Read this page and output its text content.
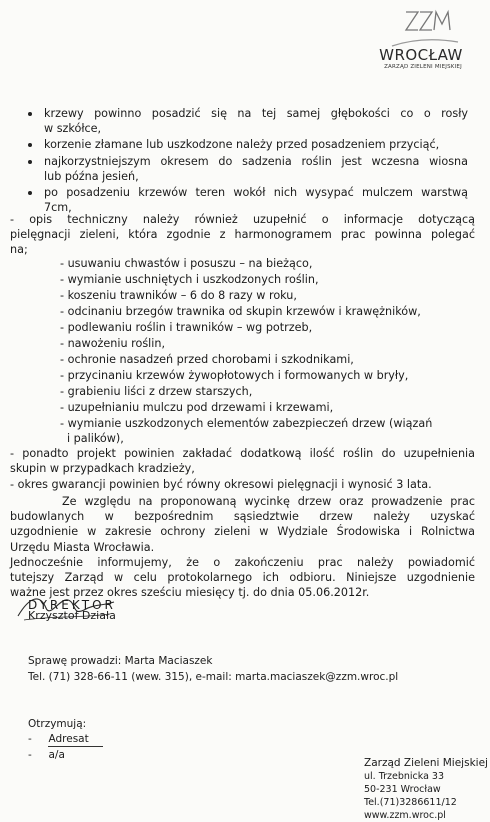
WROCŁAW
ZARZĄD ZIELENI MIEJSKIEJ
krzewy powinno posadzić się na tej samej głębokości co o rosły
w szkółce,
korzenie złamane lub uszkodzone należy przed posadzeniem przyciąć,
najkorzystniejszym okresem do sadzenia roślin jest wczesna wiosna
lub późna jesień,
po posadzeniu krzewów teren wokół nich wysypać mulczem warstwą
7cm,
- opis techniczny należy również uzupełnić o informacje dotyczącą
pielęgnacji zieleni, która zgodnie z harmonogramem prac powinna polegać
na;
- usuwaniu chwastów i posuszu – na bieżąco,
- wymianie uschniętych i uszkodzonych roślin,
- koszeniu trawników – 6 do 8 razy w roku,
- odcinaniu brzegów trawnika od skupin krzewów i krawężników,
- podlewaniu roślin i trawników – wg potrzeb,
- nawożeniu roślin,
- ochronie nasadzeń przed chorobami i szkodnikami,
- przycinaniu krzewów żywopłotowych i formowanych w bryły,
- grabieniu liści z drzew starszych,
- uzupełnianiu mulczu pod drzewami i krzewami,
- wymianie uszkodzonych elementów zabezpieczeń drzew (wiązań
i palików),
- ponadto projekt powinien zakładać dodatkową ilość roślin do uzupełnienia
skupin w przypadkach kradzieży,
- okres gwarancji powinien być równy okresowi pielęgnacji i wynosić 3 lata.
Ze względu na proponowaną wycinkę drzew oraz prowadzenie prac
budowlanych w bezpośrednim sąsiedztwie drzew należy uzyskać
uzgodnienie w zakresie ochrony zieleni w Wydziale Środowiska i Rolnictwa
Urzędu Miasta Wrocławia.
Jednocześnie informujemy, że o zakończeniu prac należy powiadomić
tutejszy Zarząd w celu protokolarnego ich odbioru. Niniejsze uzgodnienie
ważne jest przez okres sześciu miesięcy tj. do dnia 05.06.2012r.
DYREKTOR
Krzysztof Działa
Sprawę prowadzi: Marta Maciaszek
Tel. (71) 328-66-11 (wew. 315), e-mail: marta.maciaszek@zzm.wroc.pl
Otrzymują:
-     Adresat
-     a/a
Zarząd Zieleni Miejskiej
ul. Trzebnicka 33
50-231 Wrocław
Tel.(71)3286611/12
www.zzm.wroc.pl
